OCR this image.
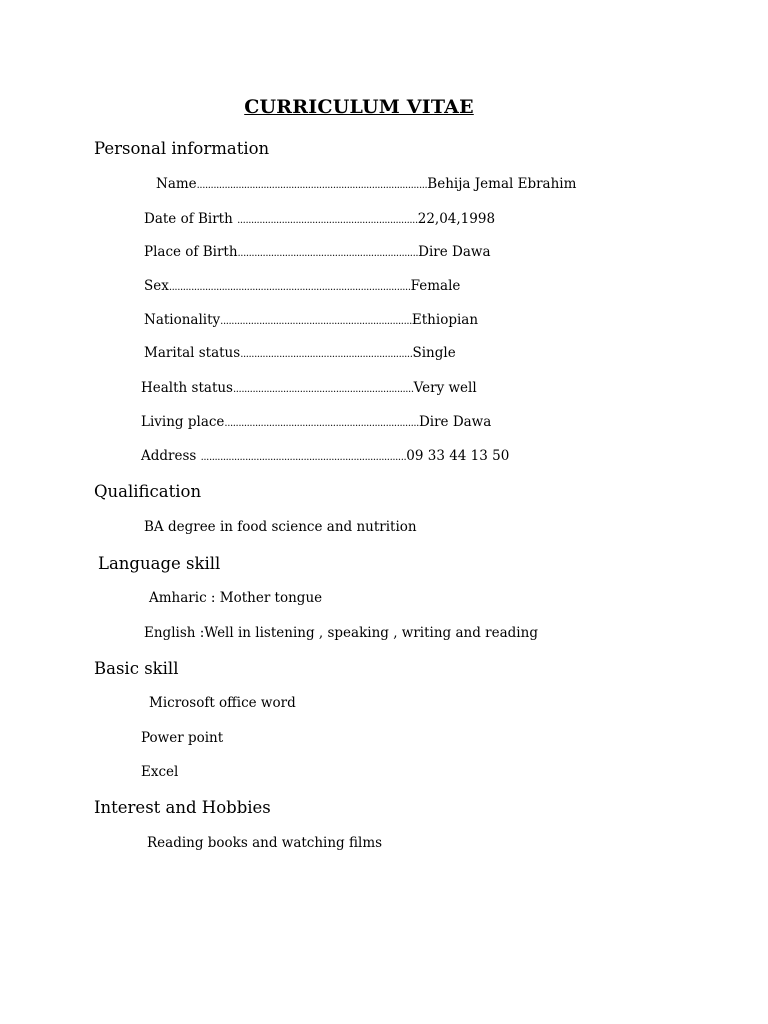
CURRICULUM VITAE
Personal information
Name...................................................................................Behija Jemal Ebrahim
Date of Birth .................................................................22,04,1998
Place of Birth.................................................................Dire Dawa
Sex.......................................................................................Female
Nationality.....................................................................Ethiopian
Marital status..............................................................Single
Health status.................................................................Very well
Living place......................................................................Dire Dawa
Address ..........................................................................09 33 44 13 50
Qualification
BA degree in food science and nutrition
Language skill
Amharic : Mother tongue
English :Well in listening , speaking , writing and reading
Basic skill
Microsoft office word
Power point
Excel
Interest and Hobbies
Reading books and watching films
